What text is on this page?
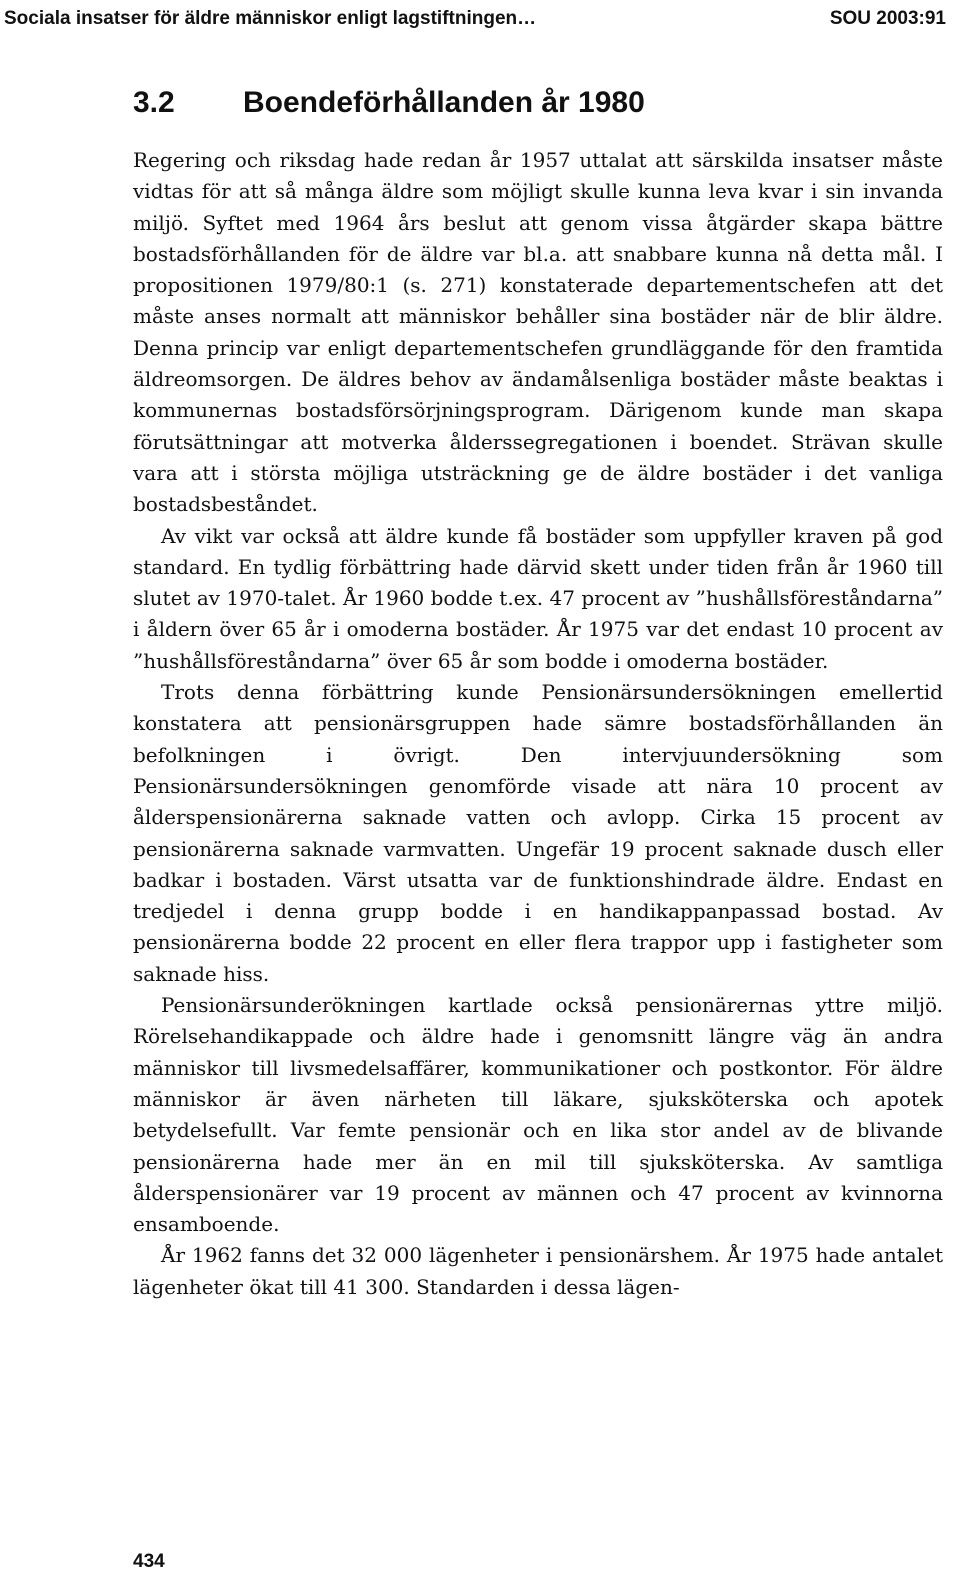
Sociala insatser för äldre människor enligt lagstiftningen…	SOU 2003:91
3.2 Boendeförhållanden år 1980

Regering och riksdag hade redan år 1957 uttalat att särskilda insatser måste vidtas för att så många äldre som möjligt skulle kunna leva kvar i sin invanda miljö. Syftet med 1964 års beslut att genom vissa åtgärder skapa bättre bostadsförhållanden för de äldre var bl.a. att snabbare kunna nå detta mål. I propositionen 1979/80:1 (s. 271) konstaterade departementschefen att det måste anses normalt att människor behåller sina bostäder när de blir äldre. Denna princip var enligt departementschefen grundläggande för den framtida äldreomsorgen. De äldres behov av ändamålsenliga bostäder måste beaktas i kommunernas bostadsförsörjningsprogram. Därigenom kunde man skapa förutsättningar att motverka ålderssegregationen i boendet. Strävan skulle vara att i största möjliga utsträckning ge de äldre bostäder i det vanliga bostadsbeståndet.

Av vikt var också att äldre kunde få bostäder som uppfyller kraven på god standard. En tydlig förbättring hade därvid skett under tiden från år 1960 till slutet av 1970-talet. År 1960 bodde t.ex. 47 procent av ”hushållsföreståndarna” i åldern över 65 år i omoderna bostäder. År 1975 var det endast 10 procent av ”hushållsföreståndarna” över 65 år som bodde i omoderna bostäder.

Trots denna förbättring kunde Pensionärsundersökningen emellertid konstatera att pensionärsgruppen hade sämre bostadsförhållanden än befolkningen i övrigt. Den intervjuundersökning som Pensionärsundersökningen genomförde visade att nära 10 procent av ålderspensionärerna saknade vatten och avlopp. Cirka 15 procent av pensionärerna saknade varmvatten. Ungefär 19 procent saknade dusch eller badkar i bostaden. Värst utsatta var de funktionshindrade äldre. Endast en tredjedel i denna grupp bodde i en handikappanpassad bostad. Av pensionärerna bodde 22 procent en eller flera trappor upp i fastigheter som saknade hiss.

Pensionärsunderökningen kartlade också pensionärernas yttre miljö. Rörelsehandikappade och äldre hade i genomsnitt längre väg än andra människor till livsmedelsaffärer, kommunikationer och postkontor. För äldre människor är även närheten till läkare, sjuksköterska och apotek betydelsefullt. Var femte pensionär och en lika stor andel av de blivande pensionärerna hade mer än en mil till sjuksköterska. Av samtliga ålderspensionärer var 19 procent av männen och 47 procent av kvinnorna ensamboende.

År 1962 fanns det 32 000 lägenheter i pensionärshem. År 1975 hade antalet lägenheter ökat till 41 300. Standarden i dessa lägen-

434
